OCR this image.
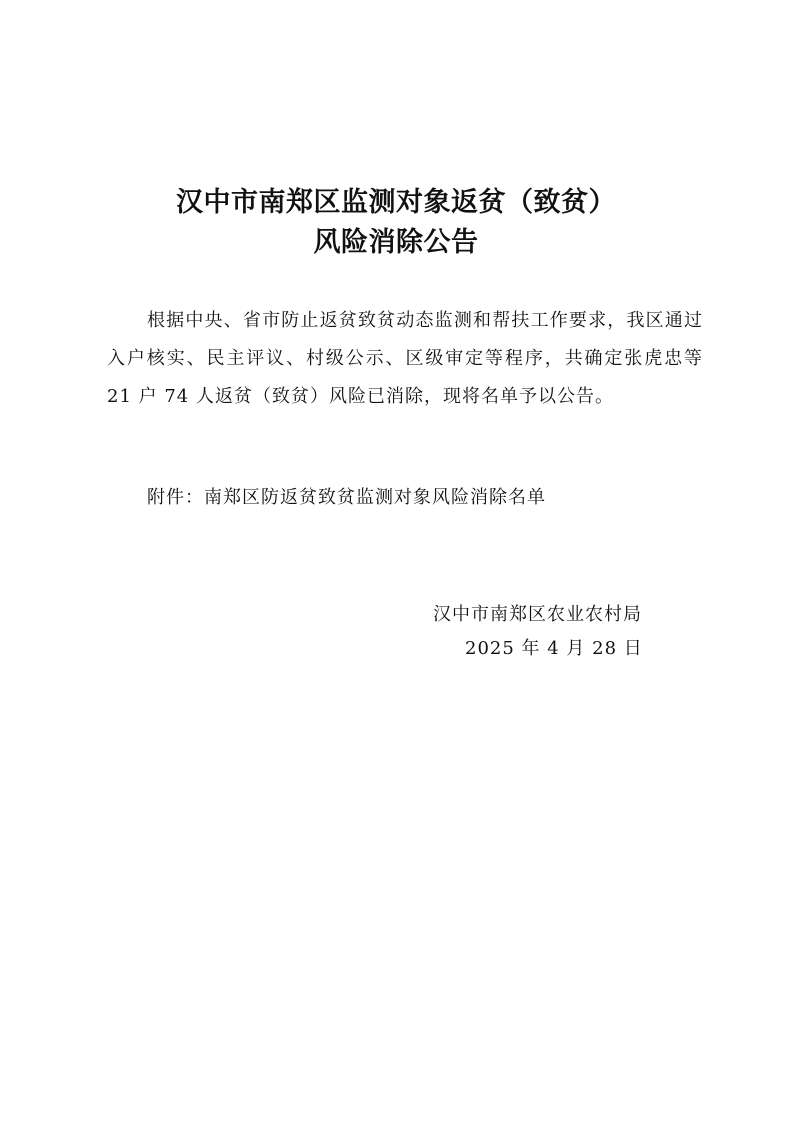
汉中市南郑区监测对象返贫（致贫）
风险消除公告

根据中央、省市防止返贫致贫动态监测和帮扶工作要求，我区通过入户核实、民主评议、村级公示、区级审定等程序，共确定张虎忠等 21 户 74 人返贫（致贫）风险已消除，现将名单予以公告。

附件：南郑区防返贫致贫监测对象风险消除名单
汉中市南郑区农业农村局
2025 年 4 月 28 日
